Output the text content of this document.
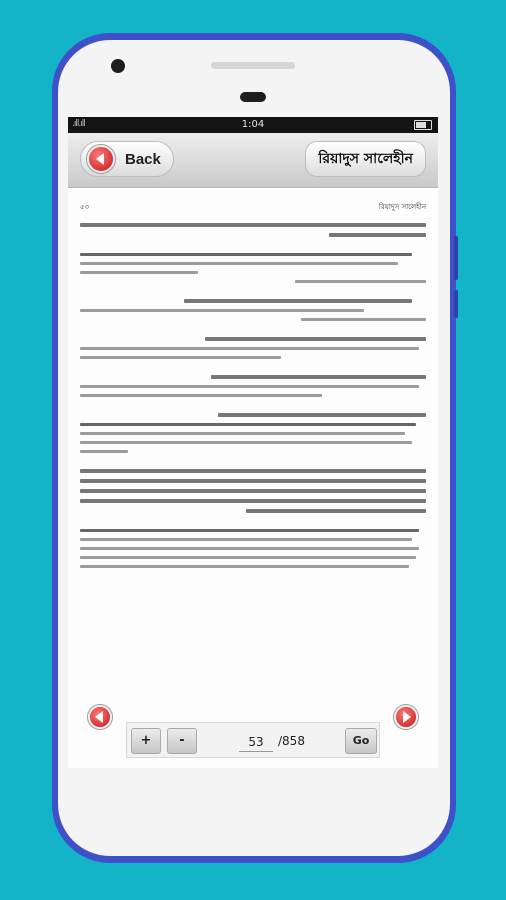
.ıll.ıll	1:04
Back	রিয়াদুস সালেহীন
৫৩	রিয়াদুস সালেহীন
+	-
53	/858	Go
